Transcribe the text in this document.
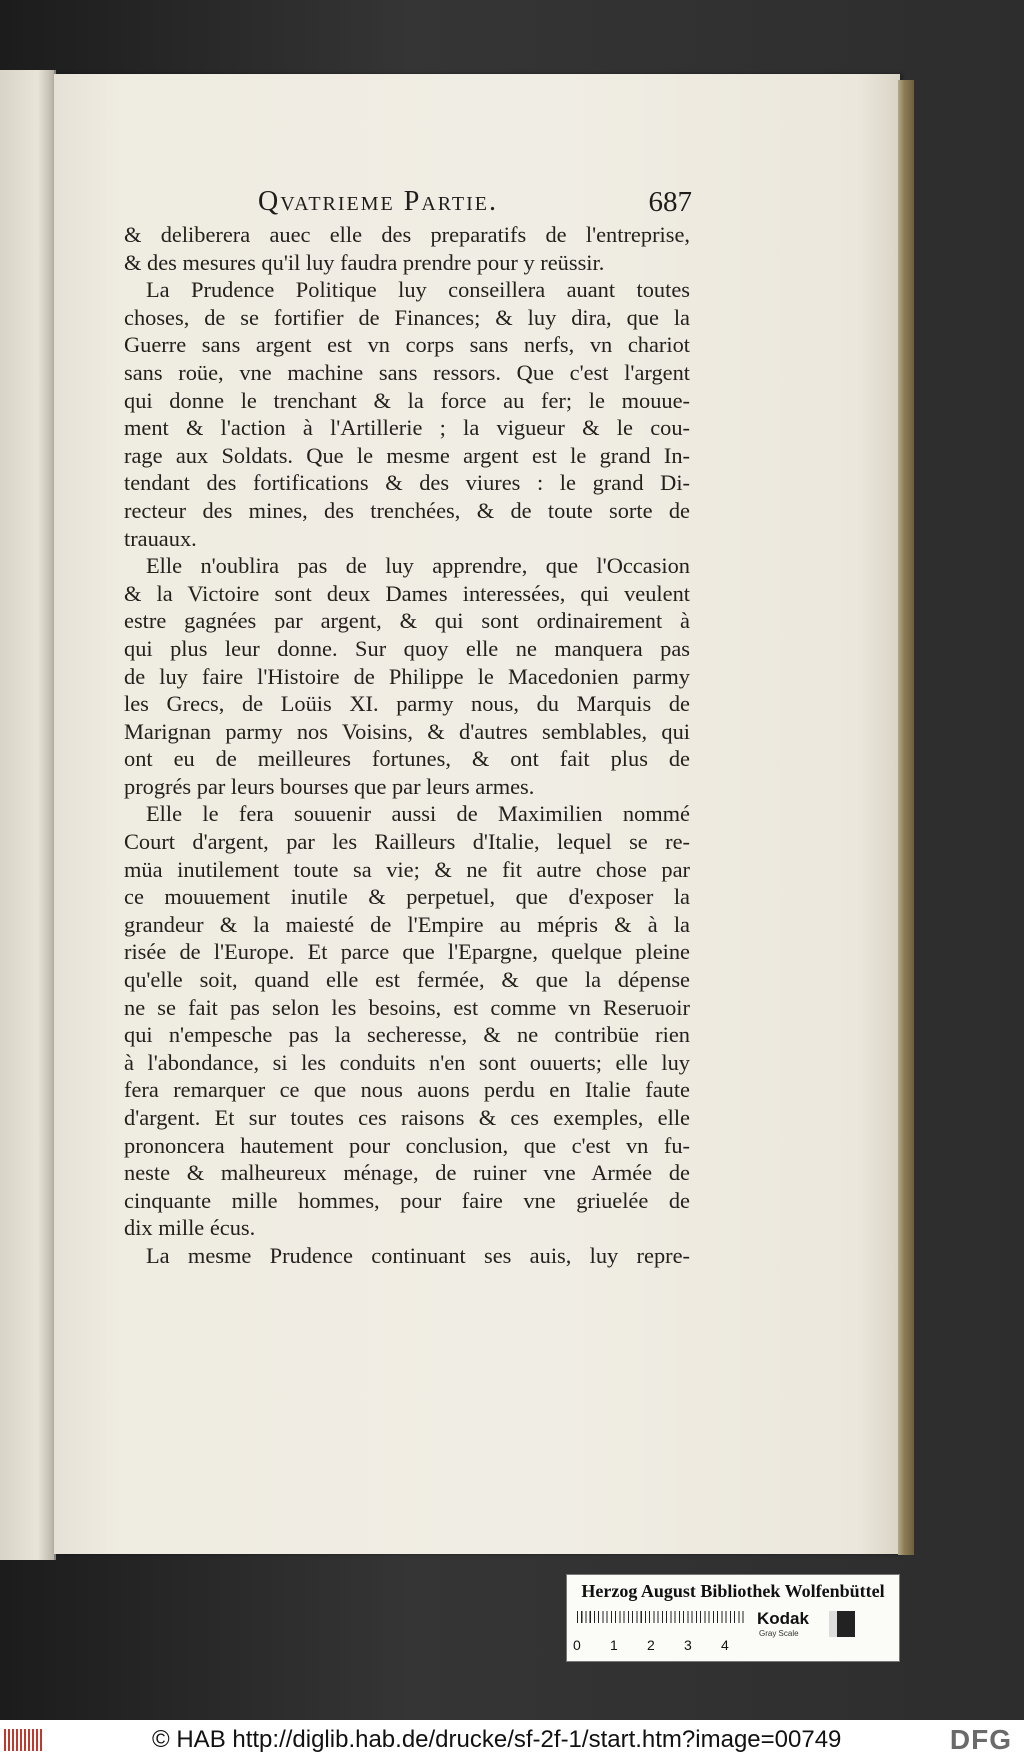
Qvatrieme Partie.	687
& deliberera auec elle des preparatifs de l'entreprise,
& des mesures qu'il luy faudra prendre pour y reüssir.
La Prudence Politique luy conseillera auant toutes
choses, de se fortifier de Finances; & luy dira, que la
Guerre sans argent est vn corps sans nerfs, vn chariot
sans roüe, vne machine sans ressors. Que c'est l'argent
qui donne le trenchant & la force au fer; le mouue-
ment & l'action à l'Artillerie ; la vigueur & le cou-
rage aux Soldats. Que le mesme argent est le grand In-
tendant des fortifications & des viures : le grand Di-
recteur des mines, des trenchées, & de toute sorte de
trauaux.
Elle n'oublira pas de luy apprendre, que l'Occasion
& la Victoire sont deux Dames interessées, qui veulent
estre gagnées par argent, & qui sont ordinairement à
qui plus leur donne. Sur quoy elle ne manquera pas
de luy faire l'Histoire de Philippe le Macedonien parmy
les Grecs, de Loüis XI. parmy nous, du Marquis de
Marignan parmy nos Voisins, & d'autres semblables, qui
ont eu de meilleures fortunes, & ont fait plus de
progrés par leurs bourses que par leurs armes.
Elle le fera souuenir aussi de Maximilien nommé
Court d'argent, par les Railleurs d'Italie, lequel se re-
müa inutilement toute sa vie; & ne fit autre chose par
ce mouuement inutile & perpetuel, que d'exposer la
grandeur & la maiesté de l'Empire au mépris & à la
risée de l'Europe. Et parce que l'Epargne, quelque pleine
qu'elle soit, quand elle est fermée, & que la dépense
ne se fait pas selon les besoins, est comme vn Reseruoir
qui n'empesche pas la secheresse, & ne contribüe rien
à l'abondance, si les conduits n'en sont ouuerts; elle luy
fera remarquer ce que nous auons perdu en Italie faute
d'argent. Et sur toutes ces raisons & ces exemples, elle
prononcera hautement pour conclusion, que c'est vn fu-
neste & malheureux ménage, de ruiner vne Armée de
cinquante mille hommes, pour faire vne griuelée de
dix mille écus.
La mesme Prudence continuant ses auis, luy repre-
Herzog August Bibliothek Wolfenbüttel
0 1 2 3 4
Kodak
Gray Scale
© HAB http://diglib.hab.de/drucke/sf-2f-1/start.htm?image=00749	DFG
